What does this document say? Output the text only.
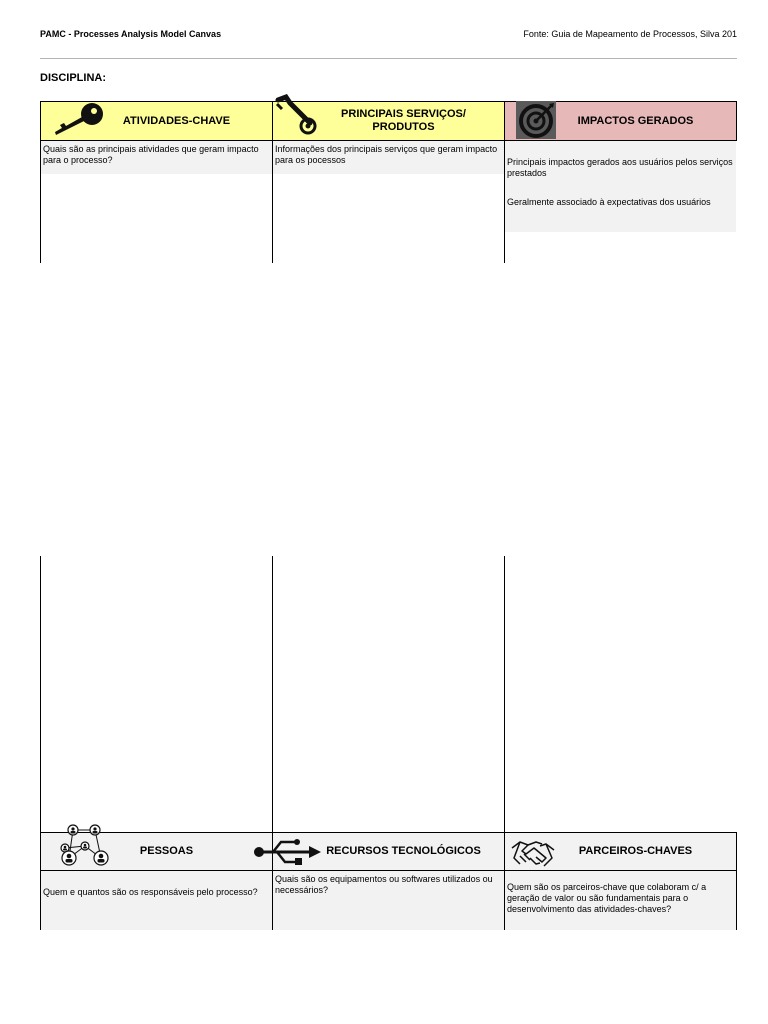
PAMC - Processes Analysis Model Canvas	Fonte: Guia de Mapeamento de Processos, Silva 201
DISCIPLINA:
ATIVIDADES-CHAVE
Quais são as principais atividades que geram impacto para o processo?
PRINCIPAIS SERVIÇOS/
PRODUTOS
Informações dos principais serviços que geram impacto para os pocessos
IMPACTOS GERADOS
Principais impactos gerados aos usuários pelos serviços prestados
Geralmente associado à expectativas dos usuários
PESSOAS
Quem e quantos são os responsáveis pelo processo?
RECURSOS TECNOLÓGICOS
Quais são os equipamentos ou softwares utilizados ou necessários?
PARCEIROS-CHAVES
Quem são os parceiros-chave que colaboram c/ a geração de valor ou são fundamentais para o desenvolvimento das atividades-chaves?
